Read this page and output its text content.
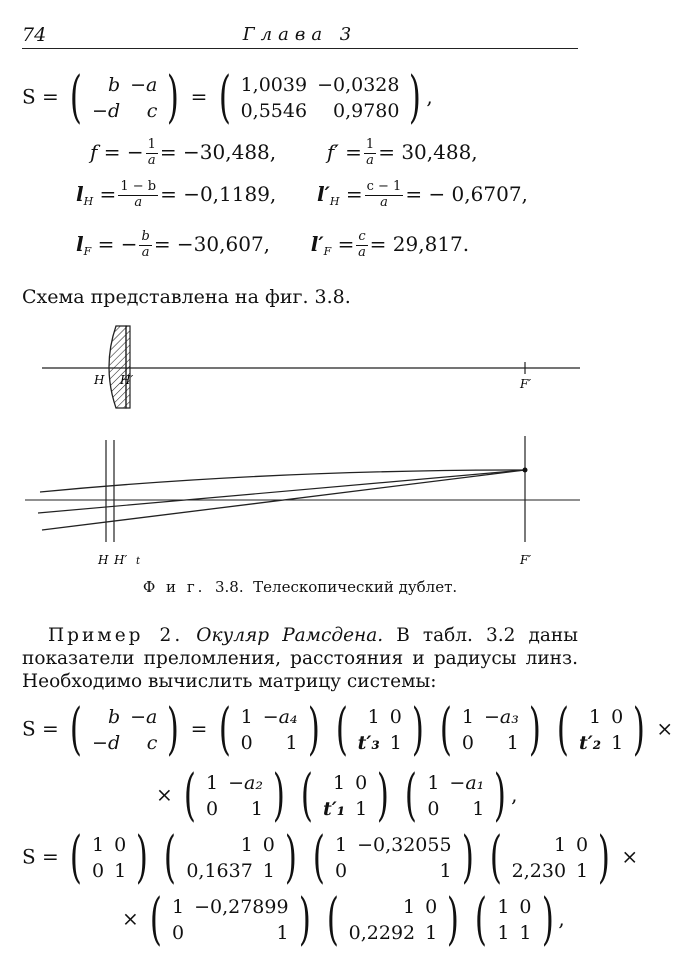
74	Глава 3
S = ( b	−a
−d	c ) = ( 1,0039	−0,0328
0,5546	0,9780 ) ,
f = − $\frac{1}{a} = -30,488$,	$f' = \frac{1}{a} = 30,488$,
$l_H = \frac{1 - b}{a} = -0,1189$, $l'_H = \frac{c - 1}{a}$ = − 0,6707,
$l_F$ = − $\frac{b}{a} = -30,607$, $l'_F = \frac{c}{a} = 29,817$.
Схема представлена на фиг. 3.8.
H H′	F′
H H′ t	F′
Ф и г. 3.8. Телескопический дублет.
Пример 2. Окуляр Рамсдена. В табл. 3.2 даны показатели преломления, расстояния и радиусы линз. Необходимо вычислить матрицу системы:
S = ( b	−a
−d	c ) = ( 1	−a₄
0	1 )
( 1	0
t′₃	1 )
( 1	−a₃
0	1 )
( 1	0
t′₂	1 ) ×
× ( 1	−a₂
0	1 )
( 1	0
t′₁	1 )
( 1	−a₁
0	1 ) ,
S = ( 1	0
0	1 )
(	1	0
0,1637	1 )
( 1	−0,32055
0	1 )
(	1	0
2,230	1 ) ×
× ( 1	−0,27899
0	1 )
(	1	0
0,2292	1 )
( 1	0
1	1 ) ,
